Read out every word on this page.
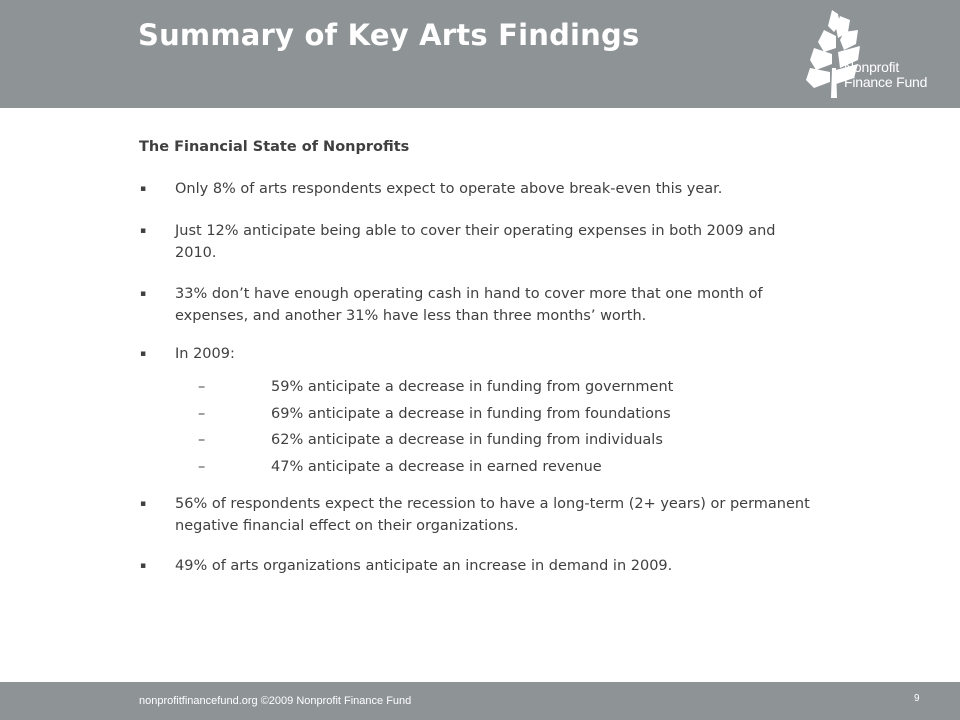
Summary of Key Arts Findings
Nonprofit
Finance Fund
The Financial State of Nonprofits
▪ Only 8% of arts respondents expect to operate above break-even this year.
▪ Just 12% anticipate being able to cover their operating expenses in both 2009 and 2010.
▪ 33% don’t have enough operating cash in hand to cover more that one month of expenses, and another 31% have less than three months’ worth.
▪ In 2009:
–	59% anticipate a decrease in funding from government
–	69% anticipate a decrease in funding from foundations
–	62% anticipate a decrease in funding from individuals
–	47% anticipate a decrease in earned revenue
▪ 56% of respondents expect the recession to have a long-term (2+ years) or permanent negative financial effect on their organizations.
▪ 49% of arts organizations anticipate an increase in demand in 2009.
nonprofitfinancefund.org ©2009 Nonprofit Finance Fund	9
